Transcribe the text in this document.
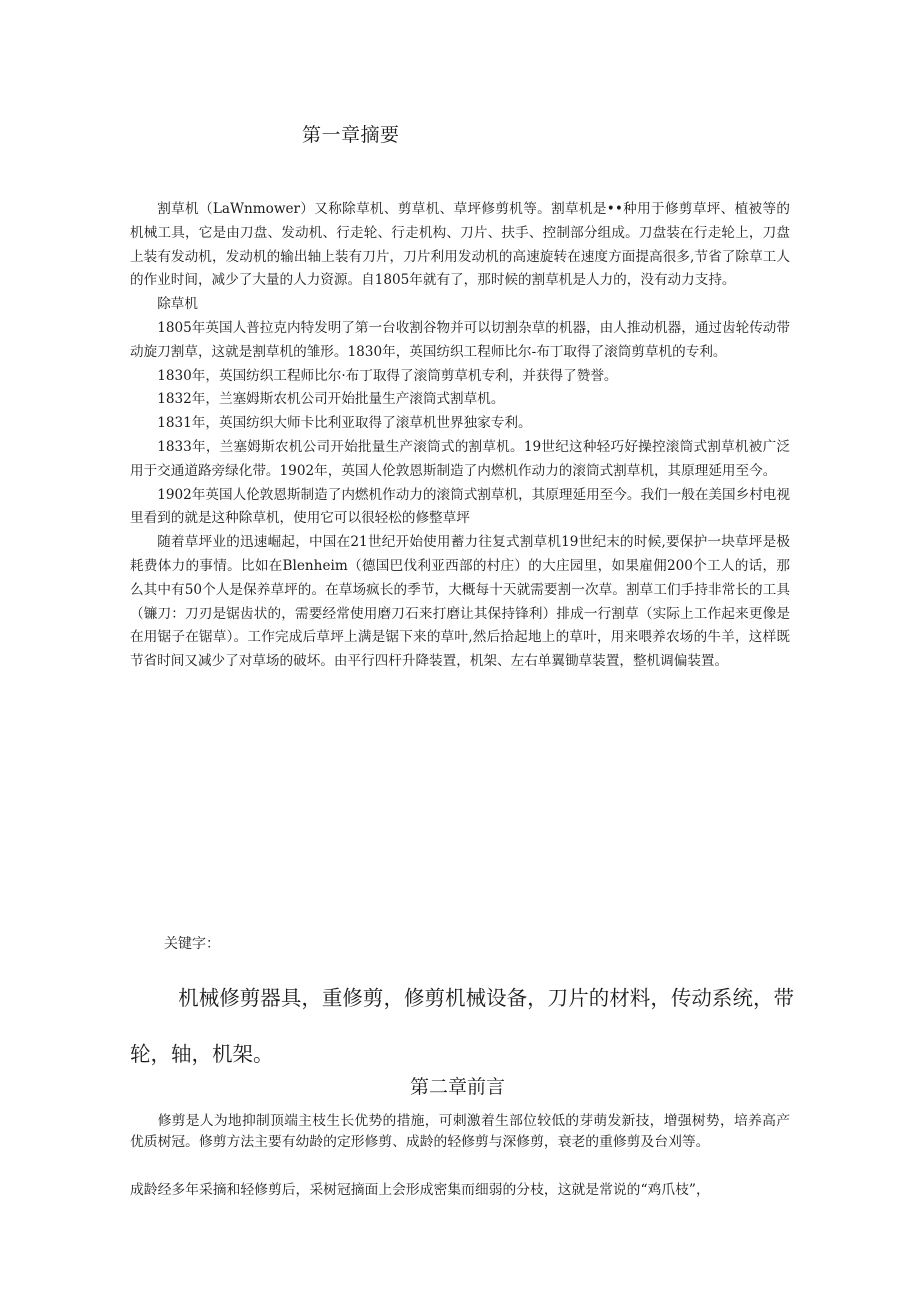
第一章摘要

割草机（LaWnmower）又称除草机、剪草机、草坪修剪机等。割草机是••种用于修剪草坪、植被等的机械工具，它是由刀盘、发动机、行走轮、行走机构、刀片、扶手、控制部分组成。刀盘装在行走轮上，刀盘上装有发动机，发动机的输出轴上装有刀片，刀片利用发动机的高速旋转在速度方面提高很多,节省了除草工人的作业时间，减少了大量的人力资源。自1805年就有了，那时候的割草机是人力的，没有动力支持。

除草机

1805年英国人普拉克内特发明了第一台收割谷物并可以切割杂草的机器，由人推动机器，通过齿轮传动带动旋刀割草，这就是割草机的雏形。1830年，英国纺织工程师比尔-布丁取得了滚筒剪草机的专利。

1830年，英国纺织工程师比尔·布丁取得了滚筒剪草机专利，并获得了赞誉。

1832年，兰塞姆斯农机公司开始批量生产滚筒式割草机。

1831年，英国纺织大师卡比利亚取得了滚草机世界独家专利。

1833年，兰塞姆斯农机公司开始批量生产滚筒式的割草机。19世纪这种轻巧好操控滚筒式割草机被广泛用于交通道路旁绿化带。1902年，英国人伦敦恩斯制造了内燃机作动力的滚筒式割草机，其原理延用至今。

1902年英国人伦敦恩斯制造了内燃机作动力的滚筒式割草机，其原理延用至今。我们一般在美国乡村电视里看到的就是这种除草机，使用它可以很轻松的修整草坪

随着草坪业的迅速崛起，中国在21世纪开始使用蓄力往复式割草机19世纪末的时候,要保护一块草坪是极耗费体力的事情。比如在Blenheim（德国巴伐利亚西部的村庄）的大庄园里，如果雇佣200个工人的话，那么其中有50个人是保养草坪的。在草场疯长的季节，大概每十天就需要割一次草。割草工们手持非常长的工具（镰刀：刀刃是锯齿状的，需要经常使用磨刀石来打磨让其保持锋利）排成一行割草（实际上工作起来更像是在用锯子在锯草）。工作完成后草坪上满是锯下来的草叶,然后拾起地上的草叶，用来喂养农场的牛羊，这样既节省时间又减少了对草场的破坏。由平行四杆升降装置，机架、左右单翼锄草装置，整机调偏装置。

关键字：

机械修剪器具，重修剪，修剪机械设备，刀片的材料，传动系统，带轮，轴，机架。

第二章前言

修剪是人为地抑制顶端主枝生长优势的措施，可刺激着生部位较低的芽萌发新技，增强树势，培养高产优质树冠。修剪方法主要有幼龄的定形修剪、成龄的轻修剪与深修剪，衰老的重修剪及台刈等。

成龄经多年采摘和轻修剪后，采树冠摘面上会形成密集而细弱的分枝，这就是常说的“鸡爪枝”，
